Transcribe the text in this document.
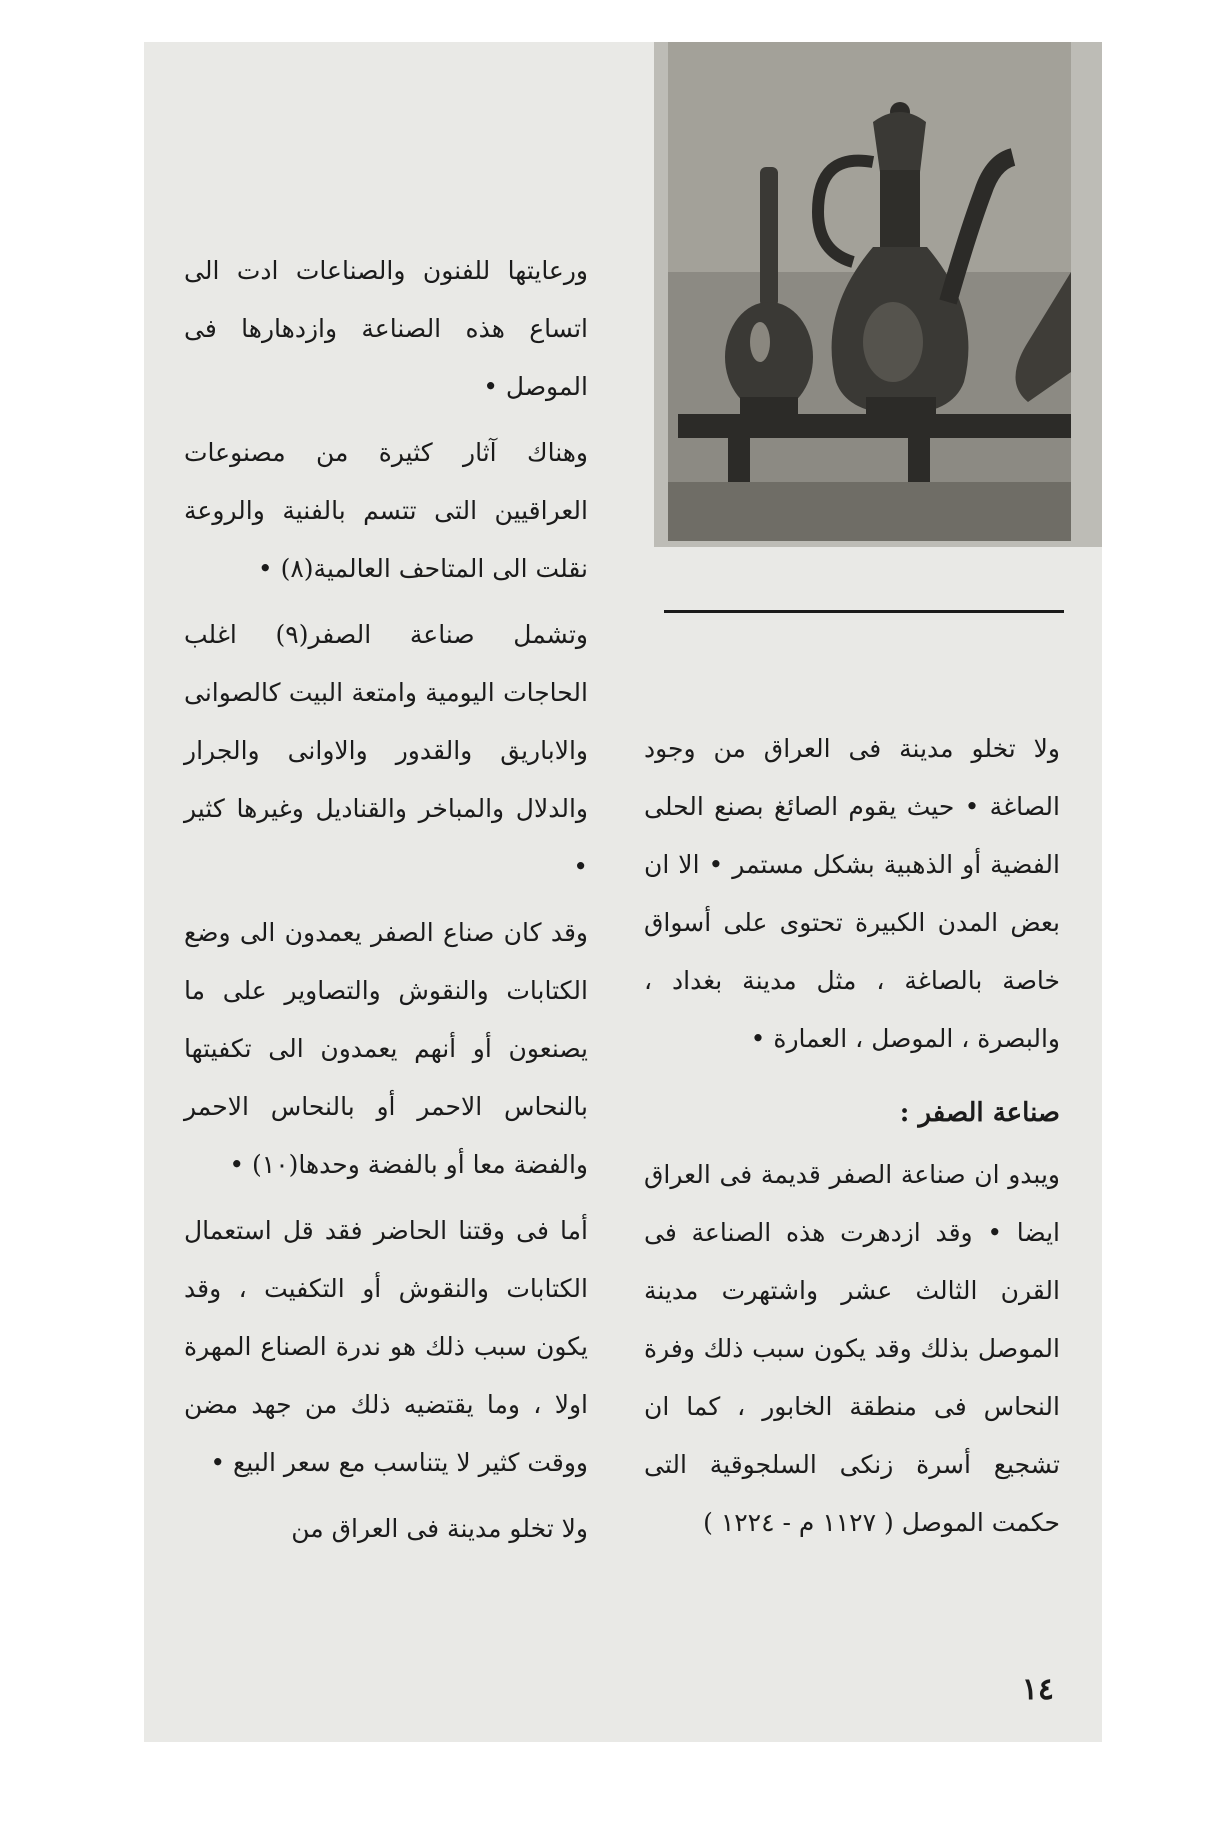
ورعايتها للفنون والصناعات ادت الى اتساع هذه الصناعة وازدهارها فى الموصل •

وهناك آثار كثيرة من مصنوعات العراقيين التى تتسم بالفنية والروعة نقلت الى المتاحف العالمية(٨) •

وتشمل صناعة الصفر(٩) اغلب الحاجات اليومية وامتعة البيت كالصوانى والاباريق والقدور والاوانى والجرار والدلال والمباخر والقناديل وغيرها كثير •

وقد كان صناع الصفر يعمدون الى وضع الكتابات والنقوش والتصاوير على ما يصنعون أو أنهم يعمدون الى تكفيتها بالنحاس الاحمر أو بالنحاس الاحمر والفضة معا أو بالفضة وحدها(١٠) •

أما فى وقتنا الحاضر فقد قل استعمال الكتابات والنقوش أو التكفيت ، وقد يكون سبب ذلك هو ندرة الصناع المهرة اولا ، وما يقتضيه ذلك من جهد مضن ووقت كثير لا يتناسب مع سعر البيع •

ولا تخلو مدينة فى العراق من

ولا تخلو مدينة فى العراق من وجود الصاغة • حيث يقوم الصائغ بصنع الحلى الفضية أو الذهبية بشكل مستمر • الا ان بعض المدن الكبيرة تحتوى على أسواق خاصة بالصاغة ، مثل مدينة بغداد ، والبصرة ، الموصل ، العمارة •

صناعة الصفر :

ويبدو ان صناعة الصفر قديمة فى العراق ايضا • وقد ازدهرت هذه الصناعة فى القرن الثالث عشر واشتهرت مدينة الموصل بذلك وقد يكون سبب ذلك وفرة النحاس فى منطقة الخابور ، كما ان تشجيع أسرة زنكى السلجوقية التى حكمت الموصل ( ١١٢٧ م - ١٢٢٤ )

١٤
